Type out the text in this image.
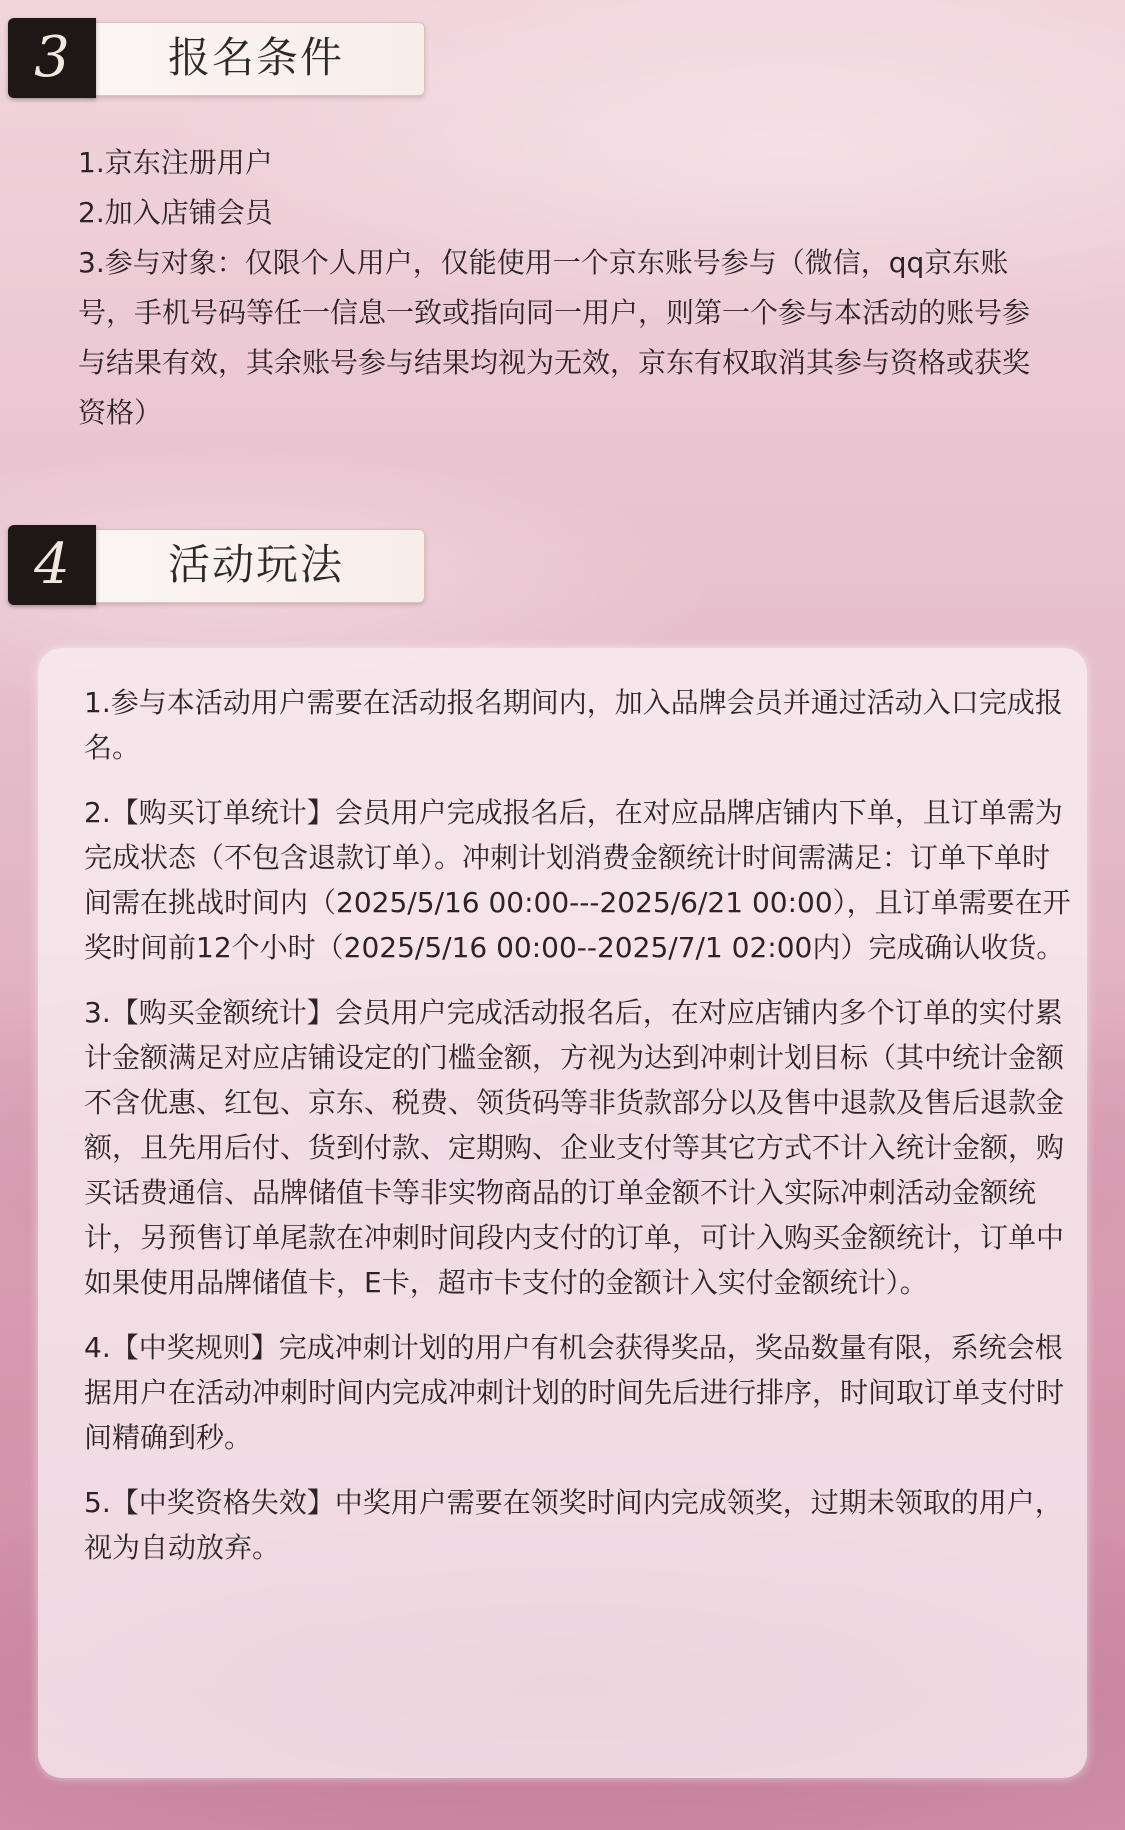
3	报名条件
1.京东注册用户
2.加入店铺会员
3.参与对象：仅限个人用户，仅能使用一个京东账号参与（微信，qq京东账号，手机号码等任一信息一致或指向同一用户，则第一个参与本活动的账号参与结果有效，其余账号参与结果均视为无效，京东有权取消其参与资格或获奖资格）
4	活动玩法
1.参与本活动用户需要在活动报名期间内，加入品牌会员并通过活动入口完成报名。
2.【购买订单统计】会员用户完成报名后，在对应品牌店铺内下单，且订单需为完成状态（不包含退款订单）。冲刺计划消费金额统计时间需满足：订单下单时间需在挑战时间内（2025/5/16 00:00---2025/6/21 00:00），且订单需要在开奖时间前12个小时（2025/5/16 00:00--2025/7/1 02:00内）完成确认收货。
3.【购买金额统计】会员用户完成活动报名后，在对应店铺内多个订单的实付累计金额满足对应店铺设定的门槛金额，方视为达到冲刺计划目标（其中统计金额不含优惠、红包、京东、税费、领货码等非货款部分以及售中退款及售后退款金额，且先用后付、货到付款、定期购、企业支付等其它方式不计入统计金额，购买话费通信、品牌储值卡等非实物商品的订单金额不计入实际冲刺活动金额统计，另预售订单尾款在冲刺时间段内支付的订单，可计入购买金额统计，订单中如果使用品牌储值卡，E卡，超市卡支付的金额计入实付金额统计）。
4.【中奖规则】完成冲刺计划的用户有机会获得奖品，奖品数量有限，系统会根据用户在活动冲刺时间内完成冲刺计划的时间先后进行排序，时间取订单支付时间精确到秒。
5.【中奖资格失效】中奖用户需要在领奖时间内完成领奖，过期未领取的用户，视为自动放弃。
